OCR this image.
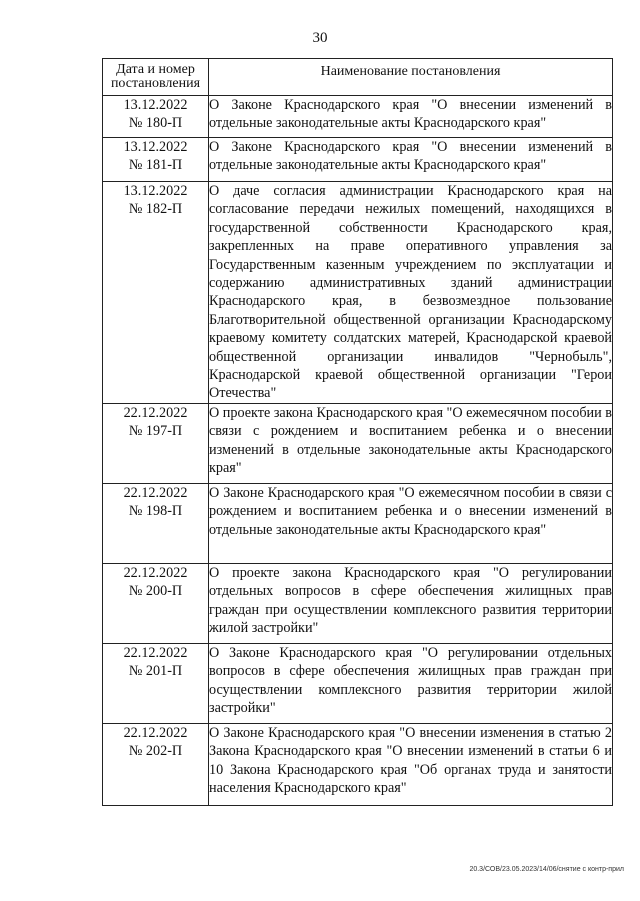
30
Дата и номер постановления	Наименование постановления

13.12.2022
№ 180-П	О Законе Краснодарского края "О внесении изменений в отдельные законодательные акты Краснодарского края"

13.12.2022
№ 181-П	О Законе Краснодарского края "О внесении изменений в отдельные законодательные акты Краснодарского края"

13.12.2022
№ 182-П	О даче согласия администрации Краснодарского края на согласование передачи нежилых помещений, находящихся в государственной собственности Краснодарского края, закрепленных на праве оперативного управления за Государственным казенным учреждением по эксплуатации и содержанию административных зданий администрации Краснодарского края, в безвозмездное пользование Благотворительной общественной организации Краснодарскому краевому комитету солдатских матерей, Краснодарской краевой общественной организации инвалидов "Чернобыль", Краснодарской краевой общественной организации "Герои Отечества"

22.12.2022
№ 197-П	О проекте закона Краснодарского края "О ежемесячном пособии в связи с рождением и воспитанием ребенка и о внесении изменений в отдельные законодательные акты Краснодарского края"

22.12.2022
№ 198-П	О Законе Краснодарского края "О ежемесячном пособии в связи с рождением и воспитанием ребенка и о внесении изменений в отдельные законодательные акты Краснодарского края"

22.12.2022
№ 200-П	О проекте закона Краснодарского края "О регулировании отдельных вопросов в сфере обеспечения жилищных прав граждан при осуществлении комплексного развития территории жилой застройки"

22.12.2022
№ 201-П	О Законе Краснодарского края "О регулировании отдельных вопросов в сфере обеспечения жилищных прав граждан при осуществлении комплексного развития территории жилой застройки"

22.12.2022
№ 202-П	О Законе Краснодарского края "О внесении изменения в статью 2 Закона Краснодарского края "О внесении изменений в статьи 6 и 10 Закона Краснодарского края "Об органах труда и занятости населения Краснодарского края"
20.3/СОВ/23.05.2023/14/06/снятие с контр-прил
